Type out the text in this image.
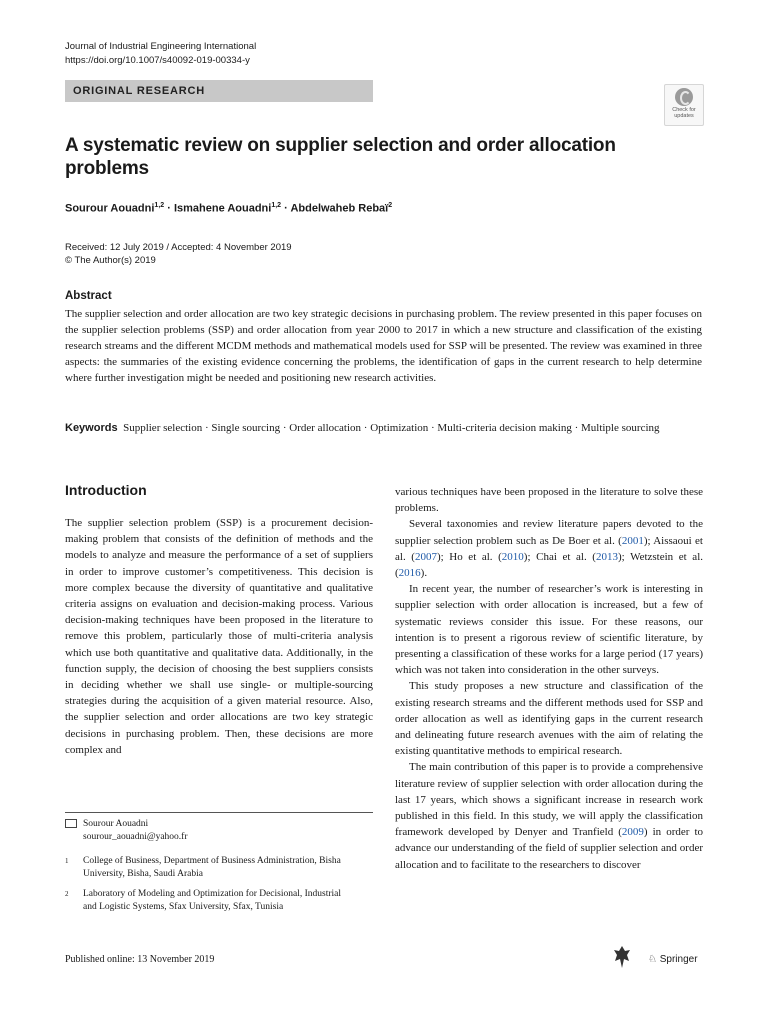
Journal of Industrial Engineering International
https://doi.org/10.1007/s40092-019-00334-y
ORIGINAL RESEARCH
Check for
updates
A systematic review on supplier selection and order allocation problems
Sourour Aouadni$^{1,2}$ · Ismahene Aouadni$^{1,2}$ · Abdelwaheb Rebaï$^2$
Received: 12 July 2019 / Accepted: 4 November 2019
© The Author(s) 2019
Abstract
The supplier selection and order allocation are two key strategic decisions in purchasing problem. The review presented in this paper focuses on the supplier selection problems (SSP) and order allocation from year 2000 to 2017 in which a new structure and classification of the existing research streams and the different MCDM methods and mathematical models used for SSP will be presented. The review was examined in three aspects: the summaries of the existing evidence concerning the problems, the identification of gaps in the current research to help determine where further investigation might be needed and positioning new research activities.
Keywords Supplier selection · Single sourcing · Order allocation · Optimization · Multi-criteria decision making · Multiple sourcing
Introduction

The supplier selection problem (SSP) is a procurement decision-making problem that consists of the definition of methods and the models to analyze and measure the performance of a set of suppliers in order to improve customer’s competitiveness. This decision is more complex because the diversity of quantitative and qualitative criteria assigns on evaluation and decision-making process. Various decision-making techniques have been proposed in the literature to remove this problem, particularly those of multi-criteria analysis which use both quantitative and qualitative data. Additionally, in the function supply, the decision of choosing the best suppliers consists in deciding whether we shall use single- or multiple-sourcing strategies during the acquisition of a given material resource. Also, the supplier selection and order allocations are two key strategic decisions in purchasing problem. Then, these decisions are more complex and

various techniques have been proposed in the literature to solve these problems.

Several taxonomies and review literature papers devoted to the supplier selection problem such as De Boer et al. (2001); Aissaoui et al. (2007); Ho et al. (2010); Chai et al. (2013); Wetzstein et al. (2016).

In recent year, the number of researcher’s work is interesting in supplier selection with order allocation is increased, but a few of systematic reviews consider this issue. For these reasons, our intention is to present a rigorous review of scientific literature, by presenting a classification of these works for a large period (17 years) which was not taken into consideration in the other surveys.

This study proposes a new structure and classification of the existing research streams and the different methods used for SSP and order allocation as well as identifying gaps in the current research and delineating future research avenues with the aim of relating the existing quantitative methods to empirical research.

The main contribution of this paper is to provide a comprehensive literature review of supplier selection with order allocation during the last 17 years, which shows a significant increase in research work published in this field. In this study, we will apply the classification framework developed by Denyer and Tranfield (2009) in order to advance our understanding of the field of supplier selection and order allocation and to facilitate to the researchers to discover

Sourour Aouadni
sourour_aouadni@yahoo.fr
1 College of Business, Department of Business Administration, Bisha University, Bisha, Saudi Arabia
2 Laboratory of Modeling and Optimization for Decisional, Industrial and Logistic Systems, Sfax University, Sfax, Tunisia
Published online: 13 November 2019	♘ Springer
